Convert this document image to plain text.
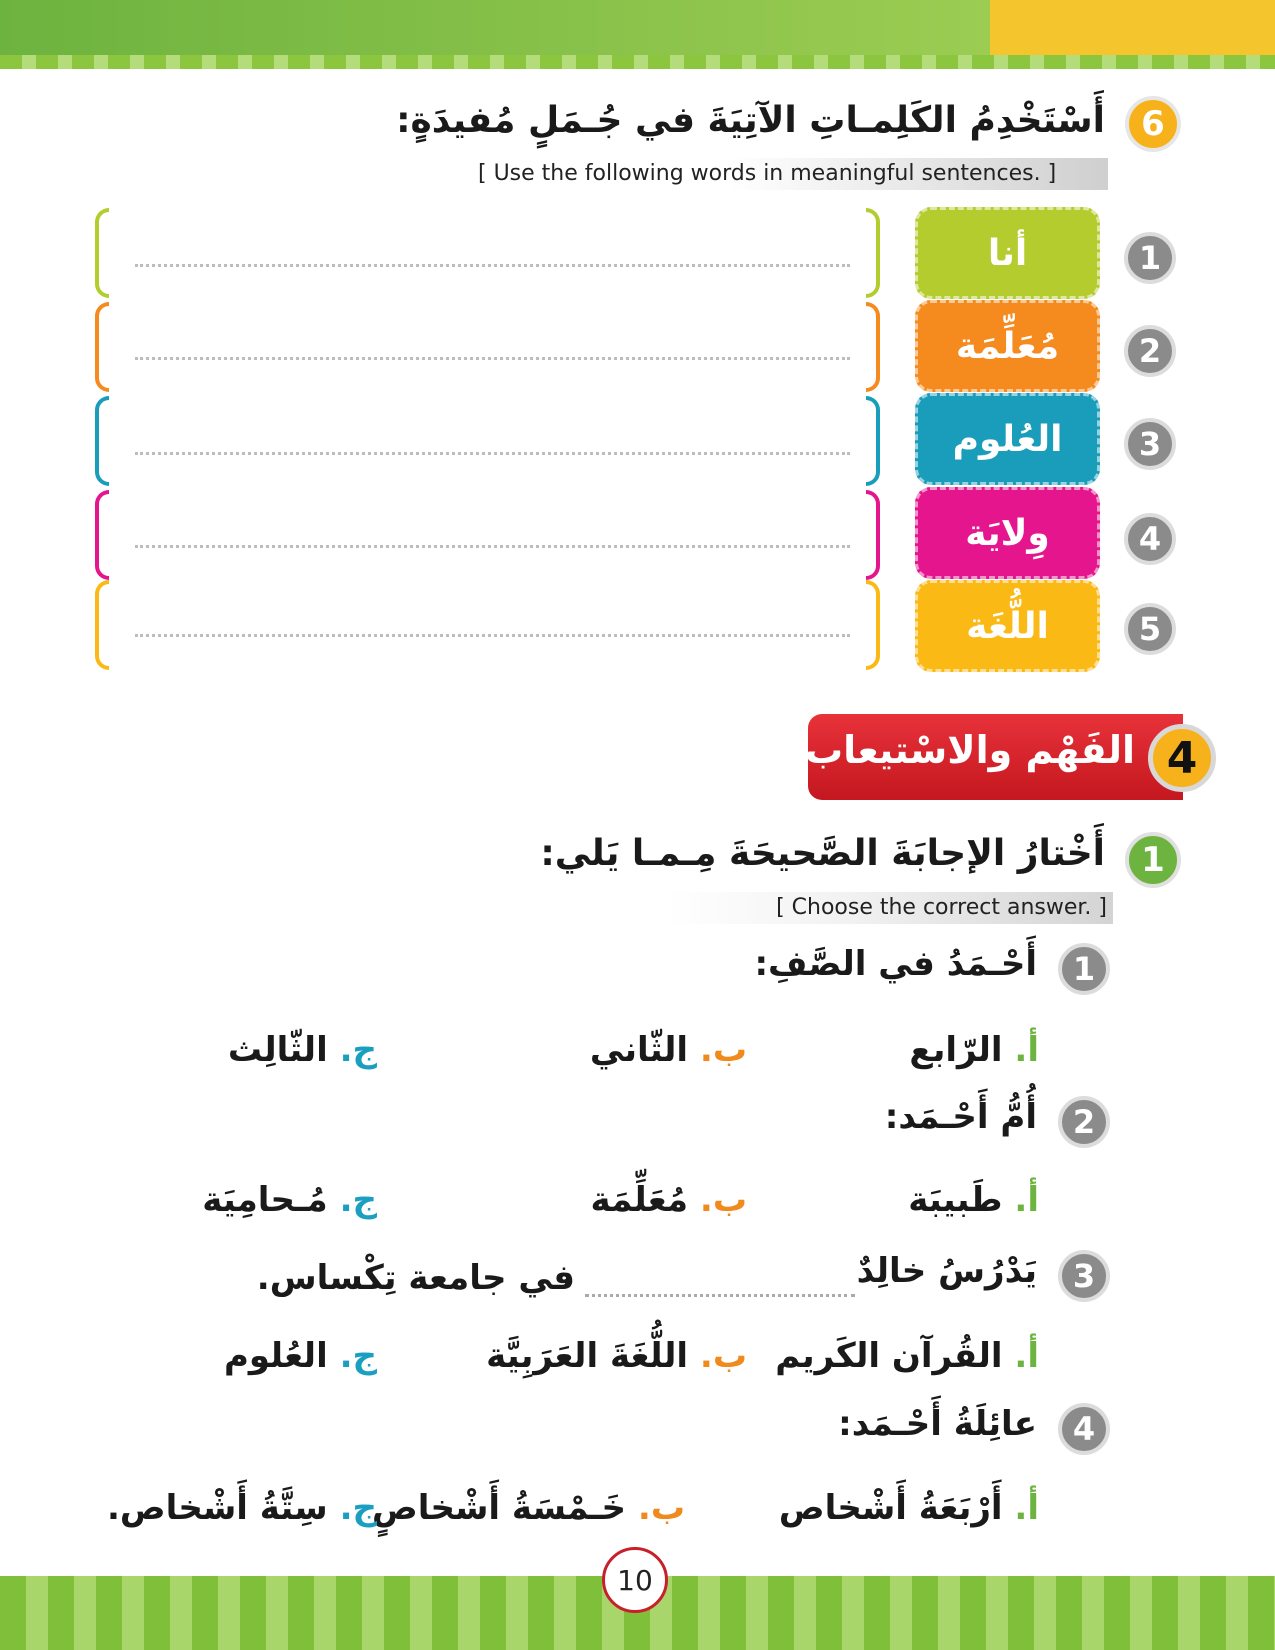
6
أَسْتَخْدِمُ الكَلِمـاتِ الآتِيَةَ في جُـمَلٍ مُفيدَةٍ:
[ Use the following words in meaningful sentences. ]
1
أنا
2
مُعَلِّمَة
3
العُلوم
4
وِلايَة
5
اللُّغَة
الفَهْم والاسْتيعاب 4
1
أَخْتارُ الإجابَةَ الصَّحيحَةَ مِـمـا يَلي:
[ Choose the correct answer. ]
1
أَحْـمَدُ في الصَّفِ:
أ. الرّابع
ب. الثّاني
ج. الثّالِث
2
أُمُّ أَحْـمَد:
أ. طَبيبَة
ب. مُعَلِّمَة
ج. مُـحامِيَة
3
يَدْرُسُ خالِدٌ
في جامعة تِكْساس.
أ. القُرآن الكَريم
ب. اللُّغَةَ العَرَبِيَّة
ج. العُلوم
4
عائِلَةُ أَحْـمَد:
أ. أَرْبَعَةُ أَشْخاص
ب. خَـمْسَةُ أَشْخاصٍ
ج. سِتَّةُ أَشْخاص.
10
